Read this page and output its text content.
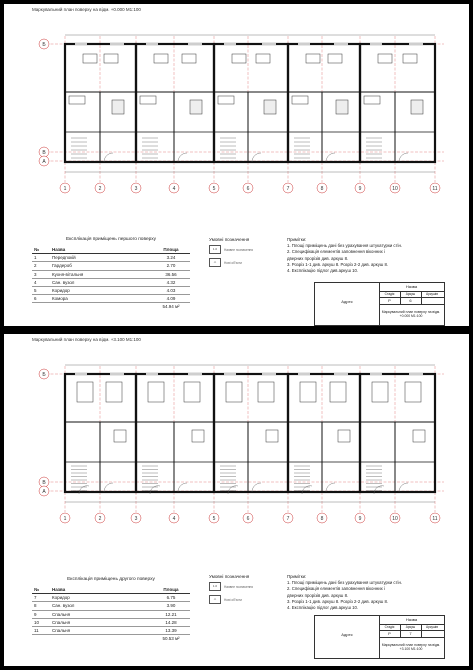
Маркувальний план поверху на відм. +0.000 М1:100
1	2	3	4	5	6	7	8	9	10	11
Б
В
А
Експлікація приміщень першого поверху
№	Назва	Площа
1	Передпокій	3.24
2	Гардероб	2.70
3	Кухня-вітальня	36.56
4	Сан. вузол	4.32
5	Коридор	4.03
6	Комора	4.09
		54.94 м²
Умовні позначення
1.0	Наявне позначення
⚠	Нові об'єкти
Примітки:
1. Площі приміщень дані без урахування штукатурки стін.
2. Специфікація елементів заповнення віконних і
дверних прорізів див. аркуш 8.
3. Розріз 1-1 див. аркуш 8. Розріз 2-2 див. аркуш 8.
4. Експлікацію підлог див.аркуш 10.
Назва
Адрес
Стадія	Аркуш	Аркушів
Р	6
Маркувальний план поверху на відм. +0.000 М1:100
Маркувальний план поверху на відм. +3.100 М1:100
1	2	3	4	5	6	7	8	9	10	11
Б
В
А
Експлікація приміщень другого поверху
№	Назва	Площа
7	Коридор	6.75
8	Сан. вузол	3.90
9	Спальня	12.21
10	Спальня	14.28
11	Спальня	13.39
		50.53 м²
Умовні позначення
1.0	Наявне позначення
⚠	Нові об'єкти
Примітки:
1. Площі приміщень дані без урахування штукатурки стін.
2. Специфікація елементів заповнення віконних і
дверних прорізів див. аркуш 8.
3. Розріз 1-1 див. аркуш 8. Розріз 2-2 див. аркуш 8.
4. Експлікацію підлог див.аркуш 10.
Назва
Адрес
Стадія	Аркуш	Аркушів
Р	7
Маркувальний план поверху на відм. +3.100 М1:100
